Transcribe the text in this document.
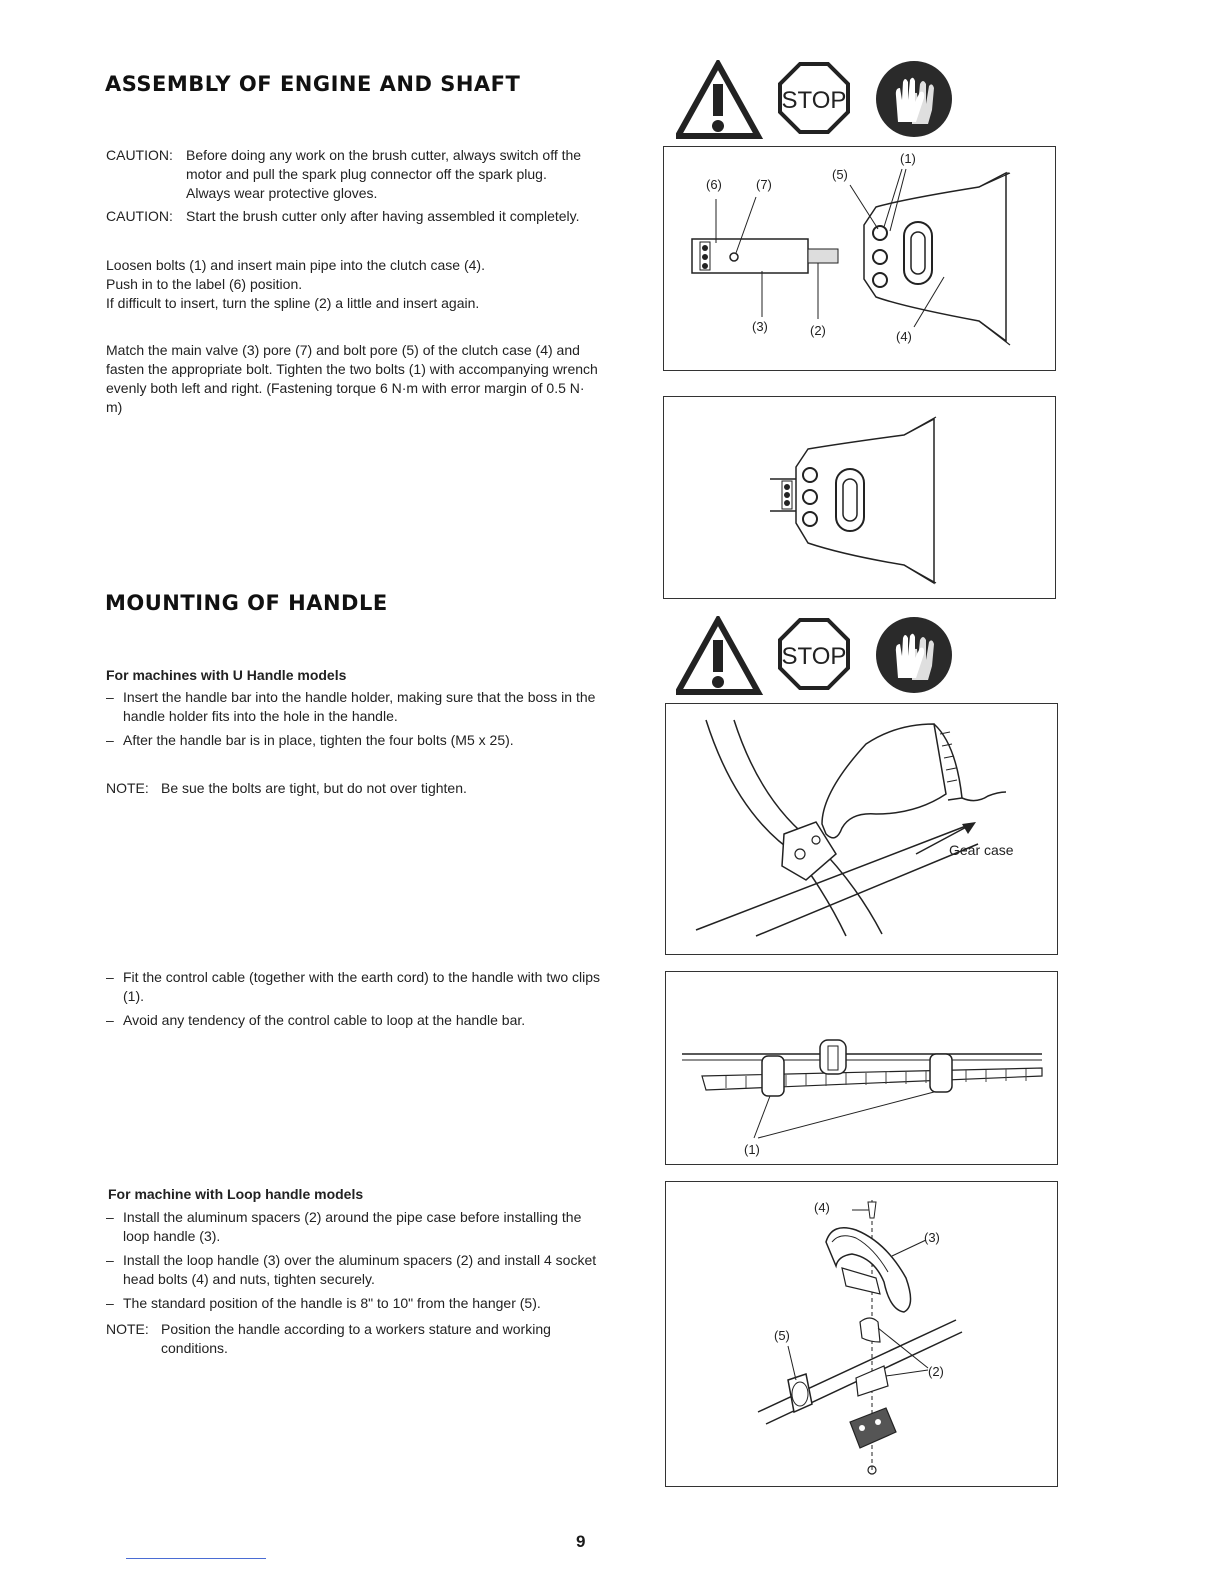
ASSEMBLY OF ENGINE AND SHAFT
CAUTION: Before doing any work on the brush cutter, always switch off the
motor and pull the spark plug connector off the spark plug.
Always wear protective gloves.
CAUTION: Start the brush cutter only after having assembled it completely.
Loosen bolts (1) and insert main pipe into the clutch case (4).
Push in to the label (6) position.
If difficult to insert, turn the spline (2) a little and insert again.
Match the main valve (3) pore (7) and bolt pore (5) of the clutch case (4) and
fasten the appropriate bolt. Tighten the two bolts (1) with accompanying wrench
evenly both left and right. (Fastening torque 6 N·m with error margin of 0.5 N·
m)
STOP
(6)	(7)
(5)
(1)
(3)	(2)	(4)
MOUNTING OF HANDLE
For machines with U Handle models
– Insert the handle bar into the handle holder, making sure that the boss in the
handle holder fits into the hole in the handle.
– After the handle bar is in place, tighten the four bolts (M5 x 25).
NOTE: Be sue the bolts are tight, but do not over tighten.
– Fit the control cable (together with the earth cord) to the handle with two clips
(1).
– Avoid any tendency of the control cable to loop at the handle bar.
For machine with Loop handle models
– Install the aluminum spacers (2) around the pipe case before installing the
loop handle (3).
– Install the loop handle (3) over the aluminum spacers (2) and install 4 socket
head bolts (4) and nuts, tighten securely.
– The standard position of the handle is 8" to 10" from the hanger (5).
NOTE: Position the handle according to a workers stature and working
conditions.
STOP
Gear case
(1)
(4)
(3)
(5)
(2)
9
